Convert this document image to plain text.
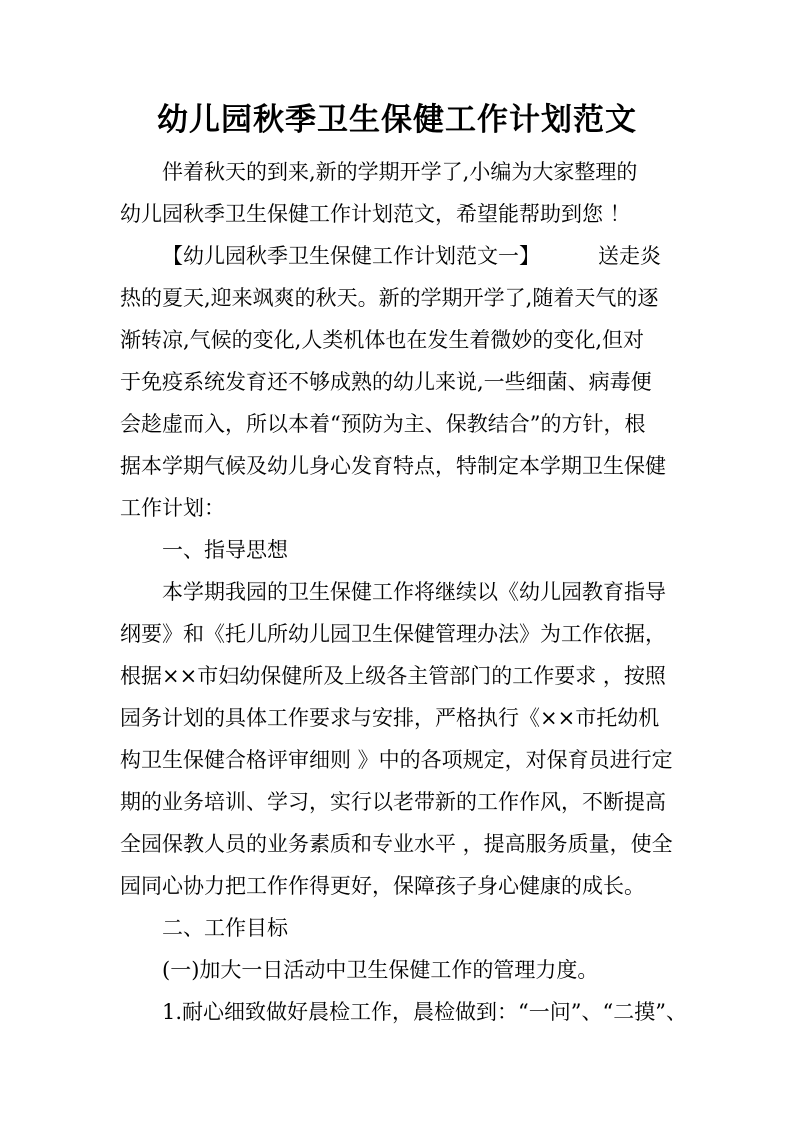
幼儿园秋季卫生保健工作计划范文
伴着秋天的到来,新的学期开学了,小编为大家整理的
幼儿园秋季卫生保健工作计划范文，希望能帮助到您 ！
【幼儿园秋季卫生保健工作计划范文一】	送走炎
热的夏天,迎来飒爽的秋天。新的学期开学了,随着天气的逐
渐转凉,气候的变化,人类机体也在发生着微妙的变化,但对
于免疫系统发育还不够成熟的幼儿来说,一些细菌、病毒便
会趁虚而入，所以本着“预防为主、保教结合”的方针，根
据本学期气候及幼儿身心发育特点，特制定本学期卫生保健
工作计划：
一、指导思想
本学期我园的卫生保健工作将继续以《幼儿园教育指导
纲要》和《托儿所幼儿园卫生保健管理办法》为工作依据，
根据××市妇幼保健所及上级各主管部门的工作要求 ，按照
园务计划的具体工作要求与安排，严格执行《××市托幼机
构卫生保健合格评审细则 》中的各项规定，对保育员进行定
期的业务培训、学习，实行以老带新的工作作风，不断提高
全园保教人员的业务素质和专业水平 ，提高服务质量，使全
园同心协力把工作作得更好，保障孩子身心健康的成长。
二、工作目标
(一)加大一日活动中卫生保健工作的管理力度。
1.耐心细致做好晨检工作，晨检做到：“一问”、“二摸”、
